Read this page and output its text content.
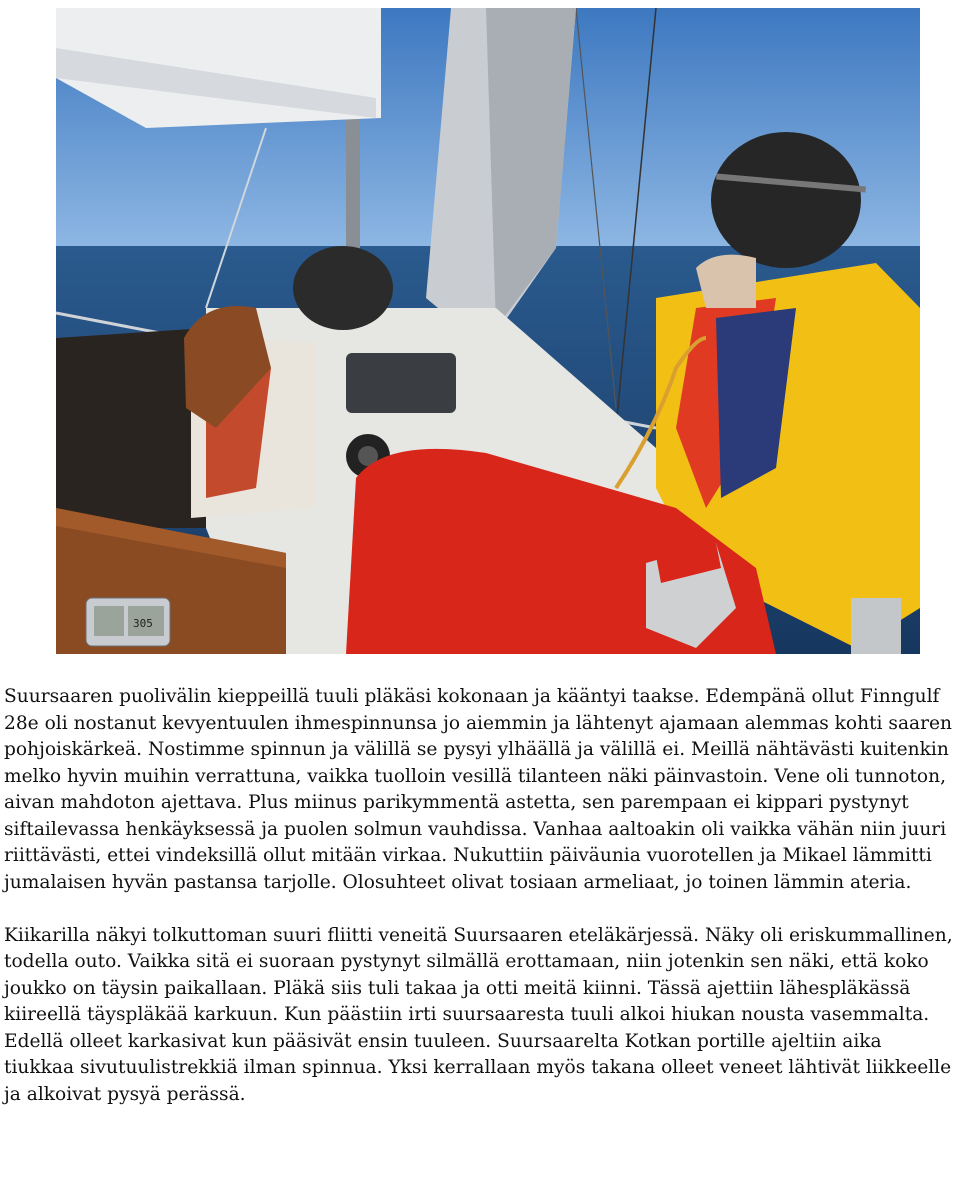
305

Suursaaren puolivälin kieppeillä tuuli pläkäsi kokonaan ja kääntyi taakse. Edempänä ollut Finngulf 28e oli nostanut kevyentuulen ihmespinnunsa jo aiemmin ja lähtenyt ajamaan alemmas kohti saaren pohjoiskärkeä. Nostimme spinnun ja välillä se pysyi ylhäällä ja välillä ei. Meillä nähtävästi kuitenkin melko hyvin muihin verrattuna, vaikka tuolloin vesillä tilanteen näki päinvastoin. Vene oli tunnoton, aivan mahdoton ajettava. Plus miinus parikymmentä astetta, sen parempaan ei kippari pystynyt siftailevassa henkäyksessä ja puolen solmun vauhdissa. Vanhaa aaltoakin oli vaikka vähän niin juuri riittävästi, ettei vindeksillä ollut mitään virkaa. Nukuttiin päiväunia vuorotellen ja Mikael lämmitti jumalaisen hyvän pastansa tarjolle. Olosuhteet olivat tosiaan armeliaat, jo toinen lämmin ateria.

Kiikarilla näkyi tolkuttoman suuri fliitti veneitä Suursaaren eteläkärjessä. Näky oli eriskummallinen, todella outo. Vaikka sitä ei suoraan pystynyt silmällä erottamaan, niin jotenkin sen näki, että koko joukko on täysin paikallaan. Pläkä siis tuli takaa ja otti meitä kiinni. Tässä ajettiin lähespläkässä kiireellä täyspläkää karkuun. Kun päästiin irti suursaaresta tuuli alkoi hiukan nousta vasemmalta. Edellä olleet karkasivat kun pääsivät ensin tuuleen. Suursaarelta Kotkan portille ajeltiin aika tiukkaa sivutuulistrekkiä ilman spinnua. Yksi kerrallaan myös takana olleet veneet lähtivät liikkeelle ja alkoivat pysyä perässä.
